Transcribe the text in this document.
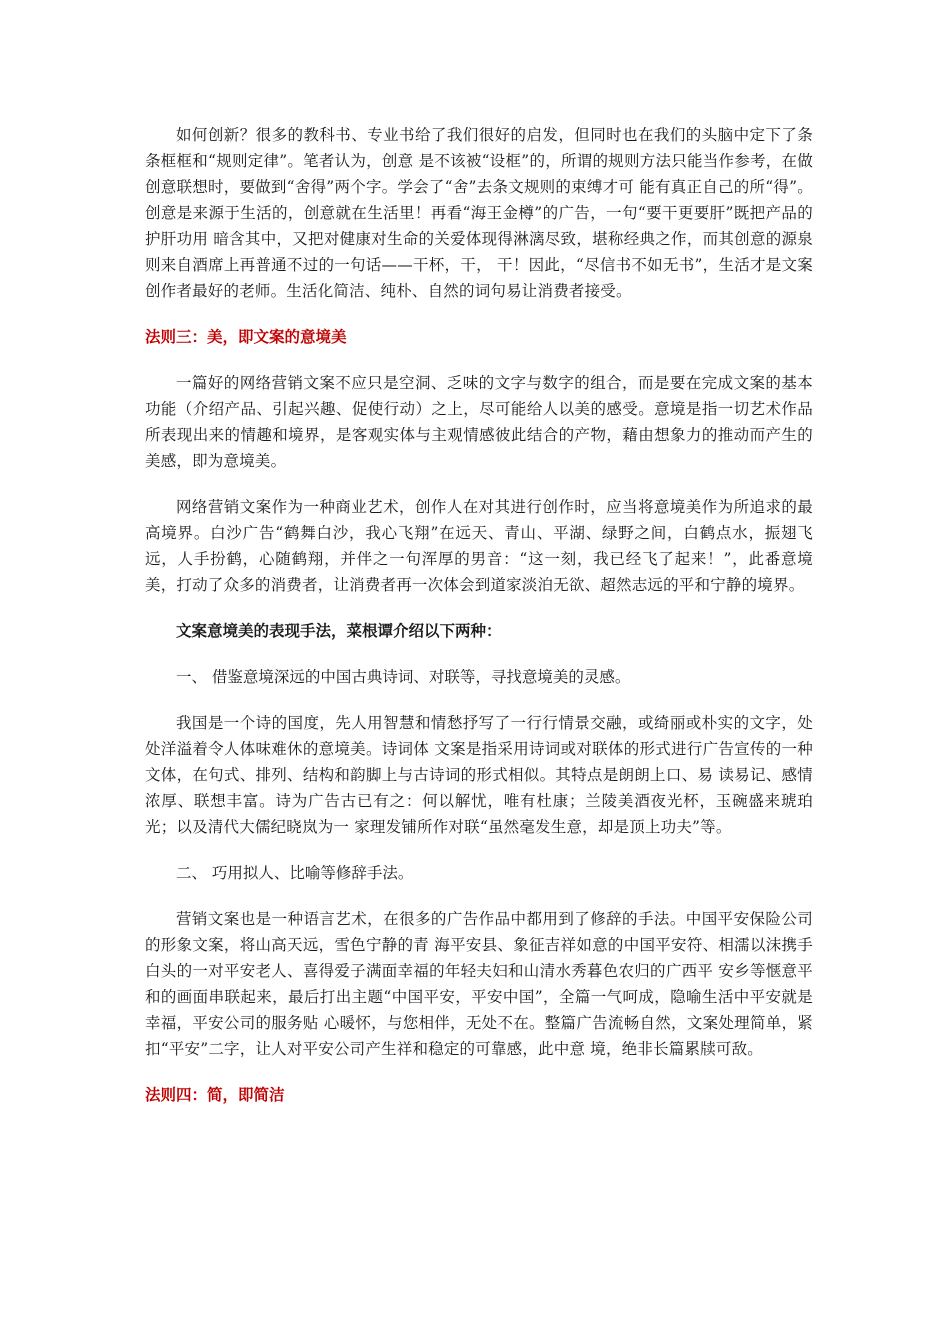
如何创新？很多的教科书、专业书给了我们很好的启发，但同时也在我们的头脑中定下了条条框框和“规则定律”。笔者认为，创意 是不该被“设框”的，所谓的规则方法只能当作参考，在做创意联想时，要做到“舍得”两个字。学会了“舍”去条文规则的束缚才可 能有真正自己的所“得”。创意是来源于生活的，创意就在生活里！再看“海王金樽”的广告，一句“要干更要肝”既把产品的护肝功用 暗含其中，又把对健康对生命的关爱体现得淋漓尽致，堪称经典之作，而其创意的源泉则来自酒席上再普通不过的一句话——干杯，干， 干！因此，“尽信书不如无书”，生活才是文案创作者最好的老师。生活化简洁、纯朴、自然的词句易让消费者接受。

法则三：美，即文案的意境美

一篇好的网络营销文案不应只是空洞、乏味的文字与数字的组合，而是要在完成文案的基本功能（介绍产品、引起兴趣、促使行动）之上，尽可能给人以美的感受。意境是指一切艺术作品所表现出来的情趣和境界，是客观实体与主观情感彼此结合的产物，藉由想象力的推动而产生的美感，即为意境美。

网络营销文案作为一种商业艺术，创作人在对其进行创作时，应当将意境美作为所追求的最高境界。白沙广告“鹤舞白沙，我心飞翔”在远天、青山、平湖、绿野之间，白鹤点水，振翅飞远，人手扮鹤，心随鹤翔，并伴之一句浑厚的男音：“这一刻，我已经飞了起来！”，此番意境美，打动了众多的消费者，让消费者再一次体会到道家淡泊无欲、超然志远的平和宁静的境界。

文案意境美的表现手法，菜根谭介绍以下两种：

一、 借鉴意境深远的中国古典诗词、对联等，寻找意境美的灵感。

我国是一个诗的国度，先人用智慧和情愁抒写了一行行情景交融，或绮丽或朴实的文字，处处洋溢着令人体味难休的意境美。诗词体 文案是指采用诗词或对联体的形式进行广告宣传的一种文体，在句式、排列、结构和韵脚上与古诗词的形式相似。其特点是朗朗上口、易 读易记、感情浓厚、联想丰富。诗为广告古已有之：何以解忧，唯有杜康；兰陵美酒夜光杯，玉碗盛来琥珀光；以及清代大儒纪晓岚为一 家理发铺所作对联“虽然毫发生意，却是顶上功夫”等。

二、 巧用拟人、比喻等修辞手法。

营销文案也是一种语言艺术，在很多的广告作品中都用到了修辞的手法。中国平安保险公司的形象文案，将山高天远，雪色宁静的青 海平安县、象征吉祥如意的中国平安符、相濡以沫携手白头的一对平安老人、喜得爱子满面幸福的年轻夫妇和山清水秀暮色农归的广西平 安乡等惬意平和的画面串联起来，最后打出主题“中国平安，平安中国”，全篇一气呵成，隐喻生活中平安就是幸福，平安公司的服务贴 心暖怀，与您相伴，无处不在。整篇广告流畅自然，文案处理简单，紧扣“平安”二字，让人对平安公司产生祥和稳定的可靠感，此中意 境，绝非长篇累牍可敌。

法则四：简，即简洁
